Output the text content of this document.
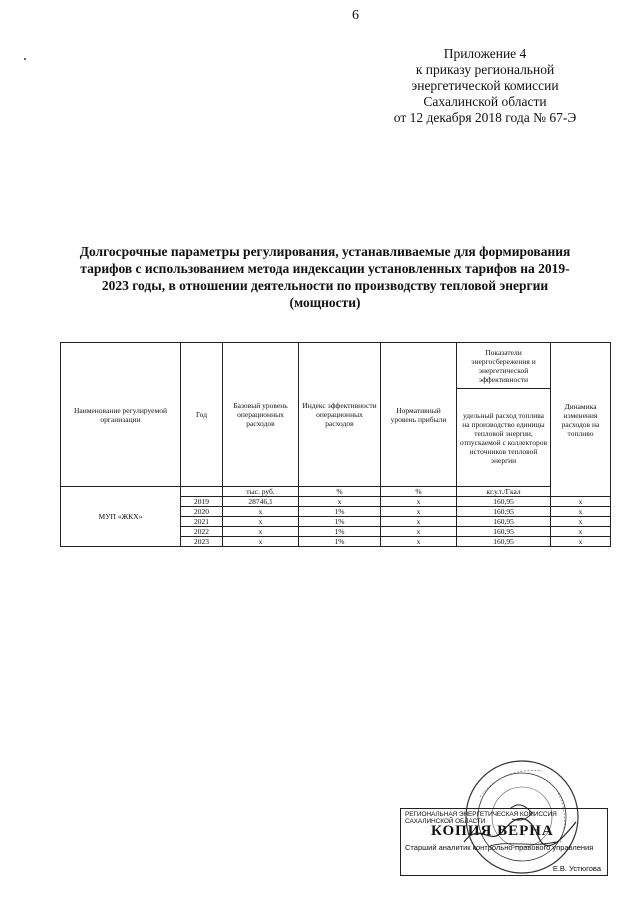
6
Приложение 4
к приказу региональной
энергетической комиссии
Сахалинской области
от 12 декабря 2018 года № 67-Э
Долгосрочные параметры регулирования, устанавливаемые для формирования тарифов с использованием метода индексации установленных тарифов на 2019-2023 годы, в отношении деятельности по производству тепловой энергии (мощности)
Наименование регулируемой организации	Год	Базовый уровень операционных расходов	Индекс эффективности операционных расходов	Нормативный уровень прибыли	Показатели энергосбережения и энергетической эффективности	Динамика изменения расходов на топливо
					удельный расход топлива на производство единицы тепловой энергии, отпускаемой с коллекторов источников тепловой энергии	
МУП «ЖКХ»		тыс. руб.	%	%	кг.у.т./Гкал	
	2019	28746,1	x	x	160,95	x
	2020	x	1%	x	160,95	x
	2021	x	1%	x	160,95	x
	2022	x	1%	x	160,95	x
	2023	x	1%	x	160,95	x
РЕГИОНАЛЬНАЯ ЭНЕРГЕТИЧЕСКАЯ КОМИССИЯ САХАЛИНСКОЙ ОБЛАСТИ
КОПИЯ ВЕРНА
Старший аналитик контрольно-правового управления
Е.В. Устюгова
